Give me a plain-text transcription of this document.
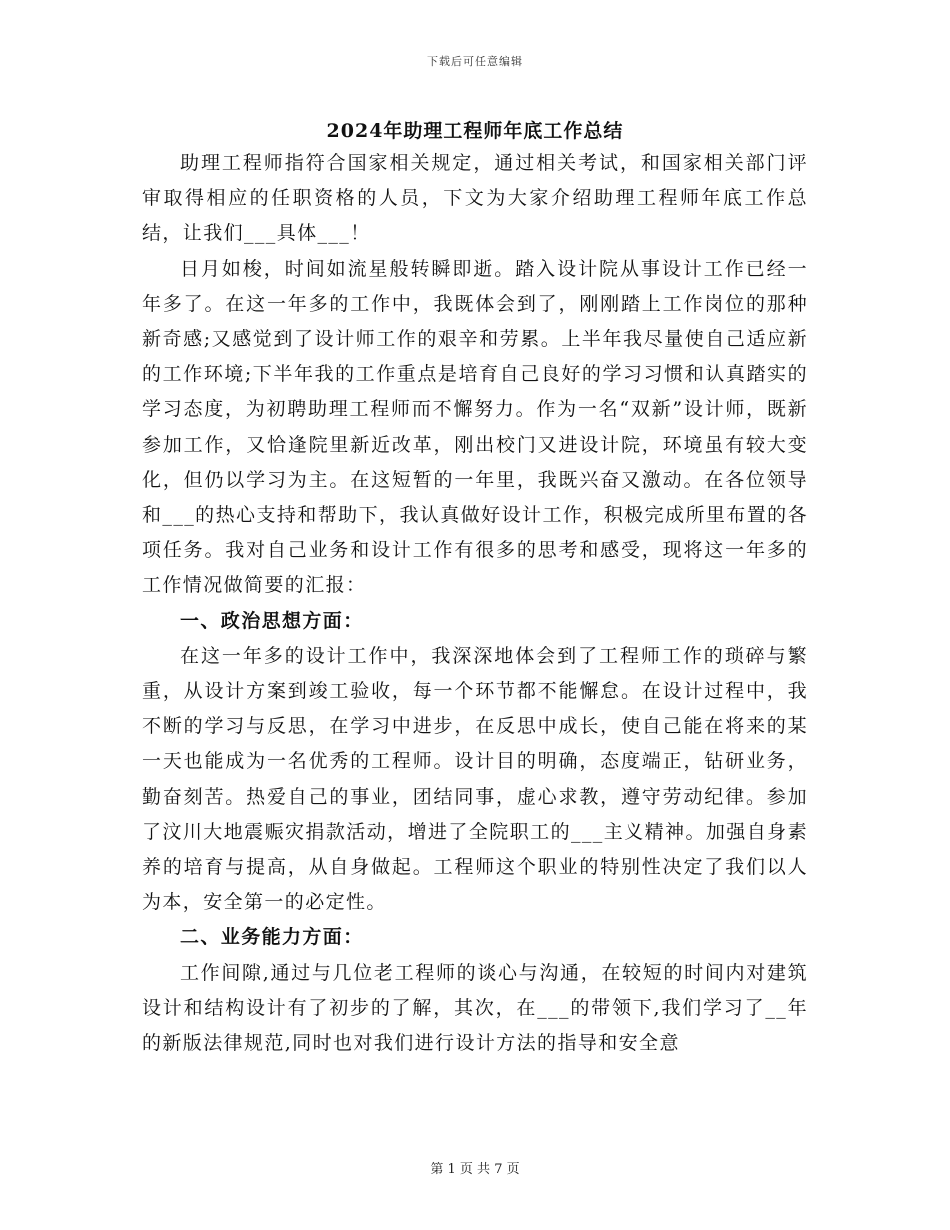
下载后可任意编辑
2024年助理工程师年底工作总结

助理工程师指符合国家相关规定，通过相关考试，和国家相关部门评审取得相应的任职资格的人员，下文为大家介绍助理工程师年底工作总结，让我们___具体___！

日月如梭，时间如流星般转瞬即逝。踏入设计院从事设计工作已经一年多了。在这一年多的工作中，我既体会到了，刚刚踏上工作岗位的那种新奇感;又感觉到了设计师工作的艰辛和劳累。上半年我尽量使自己适应新的工作环境;下半年我的工作重点是培育自己良好的学习习惯和认真踏实的学习态度，为初聘助理工程师而不懈努力。作为一名“双新”设计师，既新参加工作，又恰逢院里新近改革，刚出校门又进设计院，环境虽有较大变化，但仍以学习为主。在这短暂的一年里，我既兴奋又激动。在各位领导和___的热心支持和帮助下，我认真做好设计工作，积极完成所里布置的各项任务。我对自己业务和设计工作有很多的思考和感受，现将这一年多的工作情况做简要的汇报：

一、政治思想方面：

在这一年多的设计工作中，我深深地体会到了工程师工作的琐碎与繁重，从设计方案到竣工验收，每一个环节都不能懈怠。在设计过程中，我不断的学习与反思，在学习中进步，在反思中成长，使自己能在将来的某一天也能成为一名优秀的工程师。设计目的明确，态度端正，钻研业务，勤奋刻苦。热爱自己的事业，团结同事，虚心求教，遵守劳动纪律。参加了汶川大地震赈灾捐款活动，增进了全院职工的___主义精神。加强自身素养的培育与提高，从自身做起。工程师这个职业的特别性决定了我们以人为本，安全第一的必定性。

二、业务能力方面：

工作间隙,通过与几位老工程师的谈心与沟通，在较短的时间内对建筑设计和结构设计有了初步的了解，其次，在___的带领下,我们学习了__年的新版法律规范,同时也对我们进行设计方法的指导和安全意

第 1 页 共 7 页
